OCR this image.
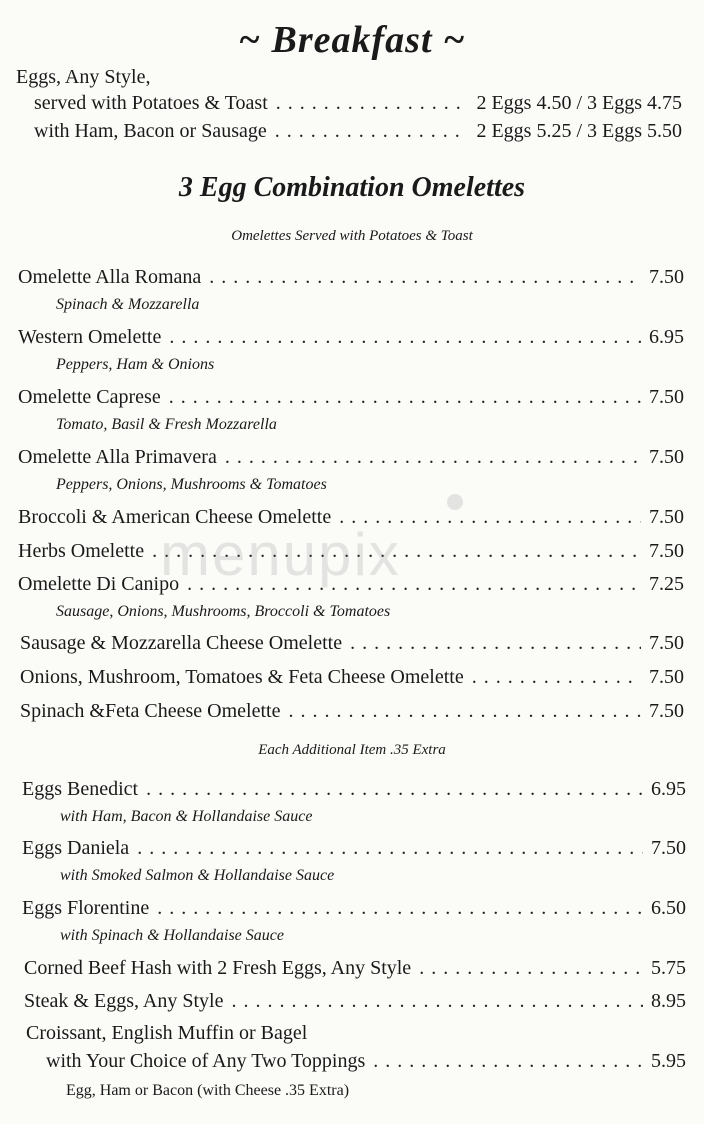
~ Breakfast ~
Eggs, Any Style,
served with Potatoes & Toast . . .	2 Eggs 4.50 / 3 Eggs 4.75
with Ham, Bacon or Sausage . . .	2 Eggs 5.25 / 3 Eggs 5.50
3 Egg Combination Omelettes
Omelettes Served with Potatoes & Toast
Omelette Alla Romana . . .	7.50
Spinach & Mozzarella
Western Omelette . . .	6.95
Peppers, Ham & Onions
Omelette Caprese . . .	7.50
Tomato, Basil & Fresh Mozzarella
Omelette Alla Primavera . . .	7.50
Peppers, Onions, Mushrooms & Tomatoes
Broccoli & American Cheese Omelette . . .	7.50
Herbs Omelette . . .	7.50
Omelette Di Canipo . . .	7.25
Sausage, Onions, Mushrooms, Broccoli & Tomatoes
Sausage & Mozzarella Cheese Omelette . . .	7.50
Onions, Mushroom, Tomatoes & Feta Cheese Omelette . . .	7.50
Spinach &Feta Cheese Omelette . . .	7.50
Each Additional Item .35 Extra
Eggs Benedict . . .	6.95
with Ham, Bacon & Hollandaise Sauce
Eggs Daniela . . .	7.50
with Smoked Salmon & Hollandaise Sauce
Eggs Florentine . . .	6.50
with Spinach & Hollandaise Sauce
Corned Beef Hash with 2 Fresh Eggs, Any Style . . .	5.75
Steak & Eggs, Any Style . . .	8.95
Croissant, English Muffin or Bagel
with Your Choice of Any Two Toppings . . .	5.95
Egg, Ham or Bacon (with Cheese .35 Extra)
menupix
